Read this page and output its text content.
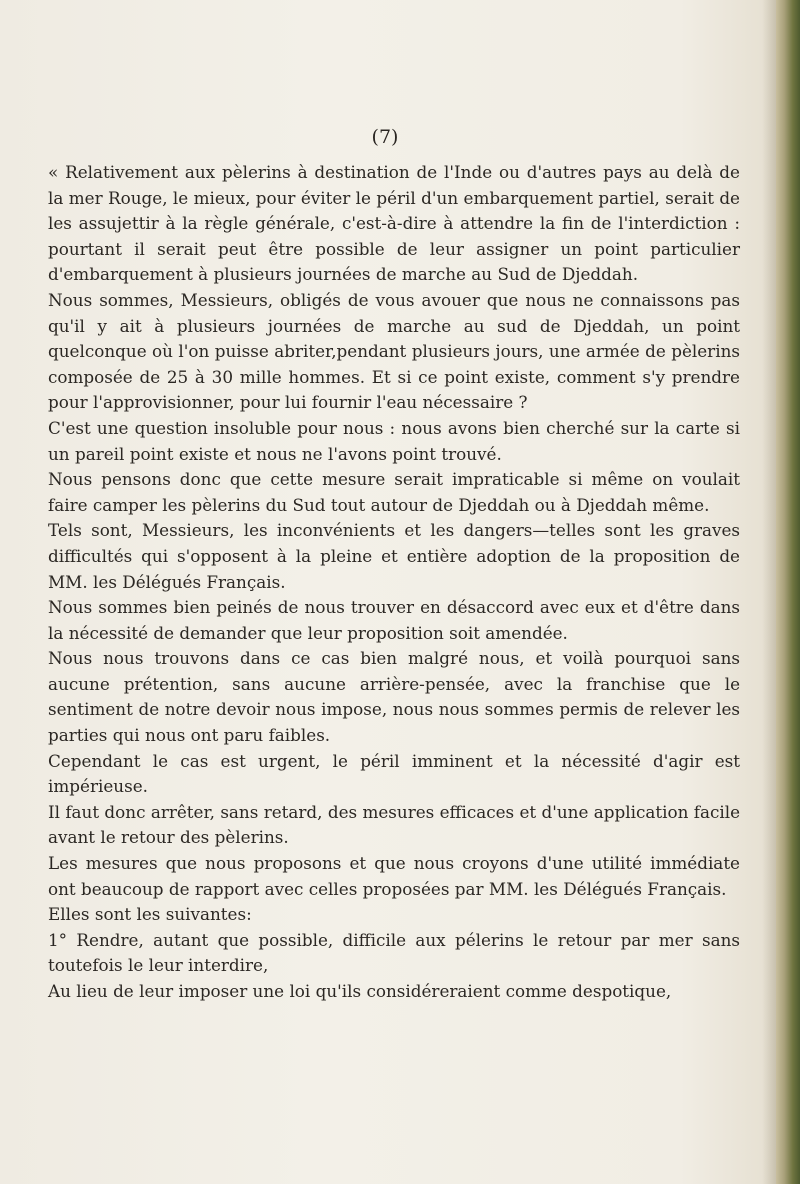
(7)

« Relativement aux pèlerins à destination de l'Inde ou d'autres pays au delà de la mer Rouge, le mieux, pour éviter le péril d'un embarquement partiel, serait de les assujettir à la règle générale, c'est-à-dire à attendre la fin de l'interdiction : pourtant il serait peut être possible de leur assigner un point particulier d'embarquement à plusieurs journées de marche au Sud de Djeddah.

Nous sommes, Messieurs, obligés de vous avouer que nous ne connaissons pas qu'il y ait à plusieurs journées de marche au sud de Djeddah, un point quelconque où l'on puisse abriter,pendant plusieurs jours, une armée de pèlerins composée de 25 à 30 mille hommes. Et si ce point existe, comment s'y prendre pour l'approvisionner, pour lui fournir l'eau nécessaire ?

C'est une question insoluble pour nous : nous avons bien cherché sur la carte si un pareil point existe et nous ne l'avons point trouvé.

Nous pensons donc que cette mesure serait impraticable si même on voulait faire camper les pèlerins du Sud tout autour de Djeddah ou à Djeddah même.

Tels sont, Messieurs, les inconvénients et les dangers—telles sont les graves difficultés qui s'opposent à la pleine et entière adoption de la proposition de MM. les Délégués Français.

Nous sommes bien peinés de nous trouver en désaccord avec eux et d'être dans la nécessité de demander que leur proposition soit amendée.

Nous nous trouvons dans ce cas bien malgré nous, et voilà pourquoi sans aucune prétention, sans aucune arrière-pensée, avec la franchise que le sentiment de notre devoir nous impose, nous nous sommes permis de relever les parties qui nous ont paru faibles.

Cependant le cas est urgent, le péril imminent et la nécessité d'agir est impérieuse.

Il faut donc arrêter, sans retard, des mesures efficaces et d'une application facile avant le retour des pèlerins.

Les mesures que nous proposons et que nous croyons d'une utilité immédiate ont beaucoup de rapport avec celles proposées par MM. les Délégués Français.

Elles sont les suivantes:

1° Rendre, autant que possible, difficile aux pélerins le retour par mer sans toutefois le leur interdire,

Au lieu de leur imposer une loi qu'ils considéreraient comme despotique,
